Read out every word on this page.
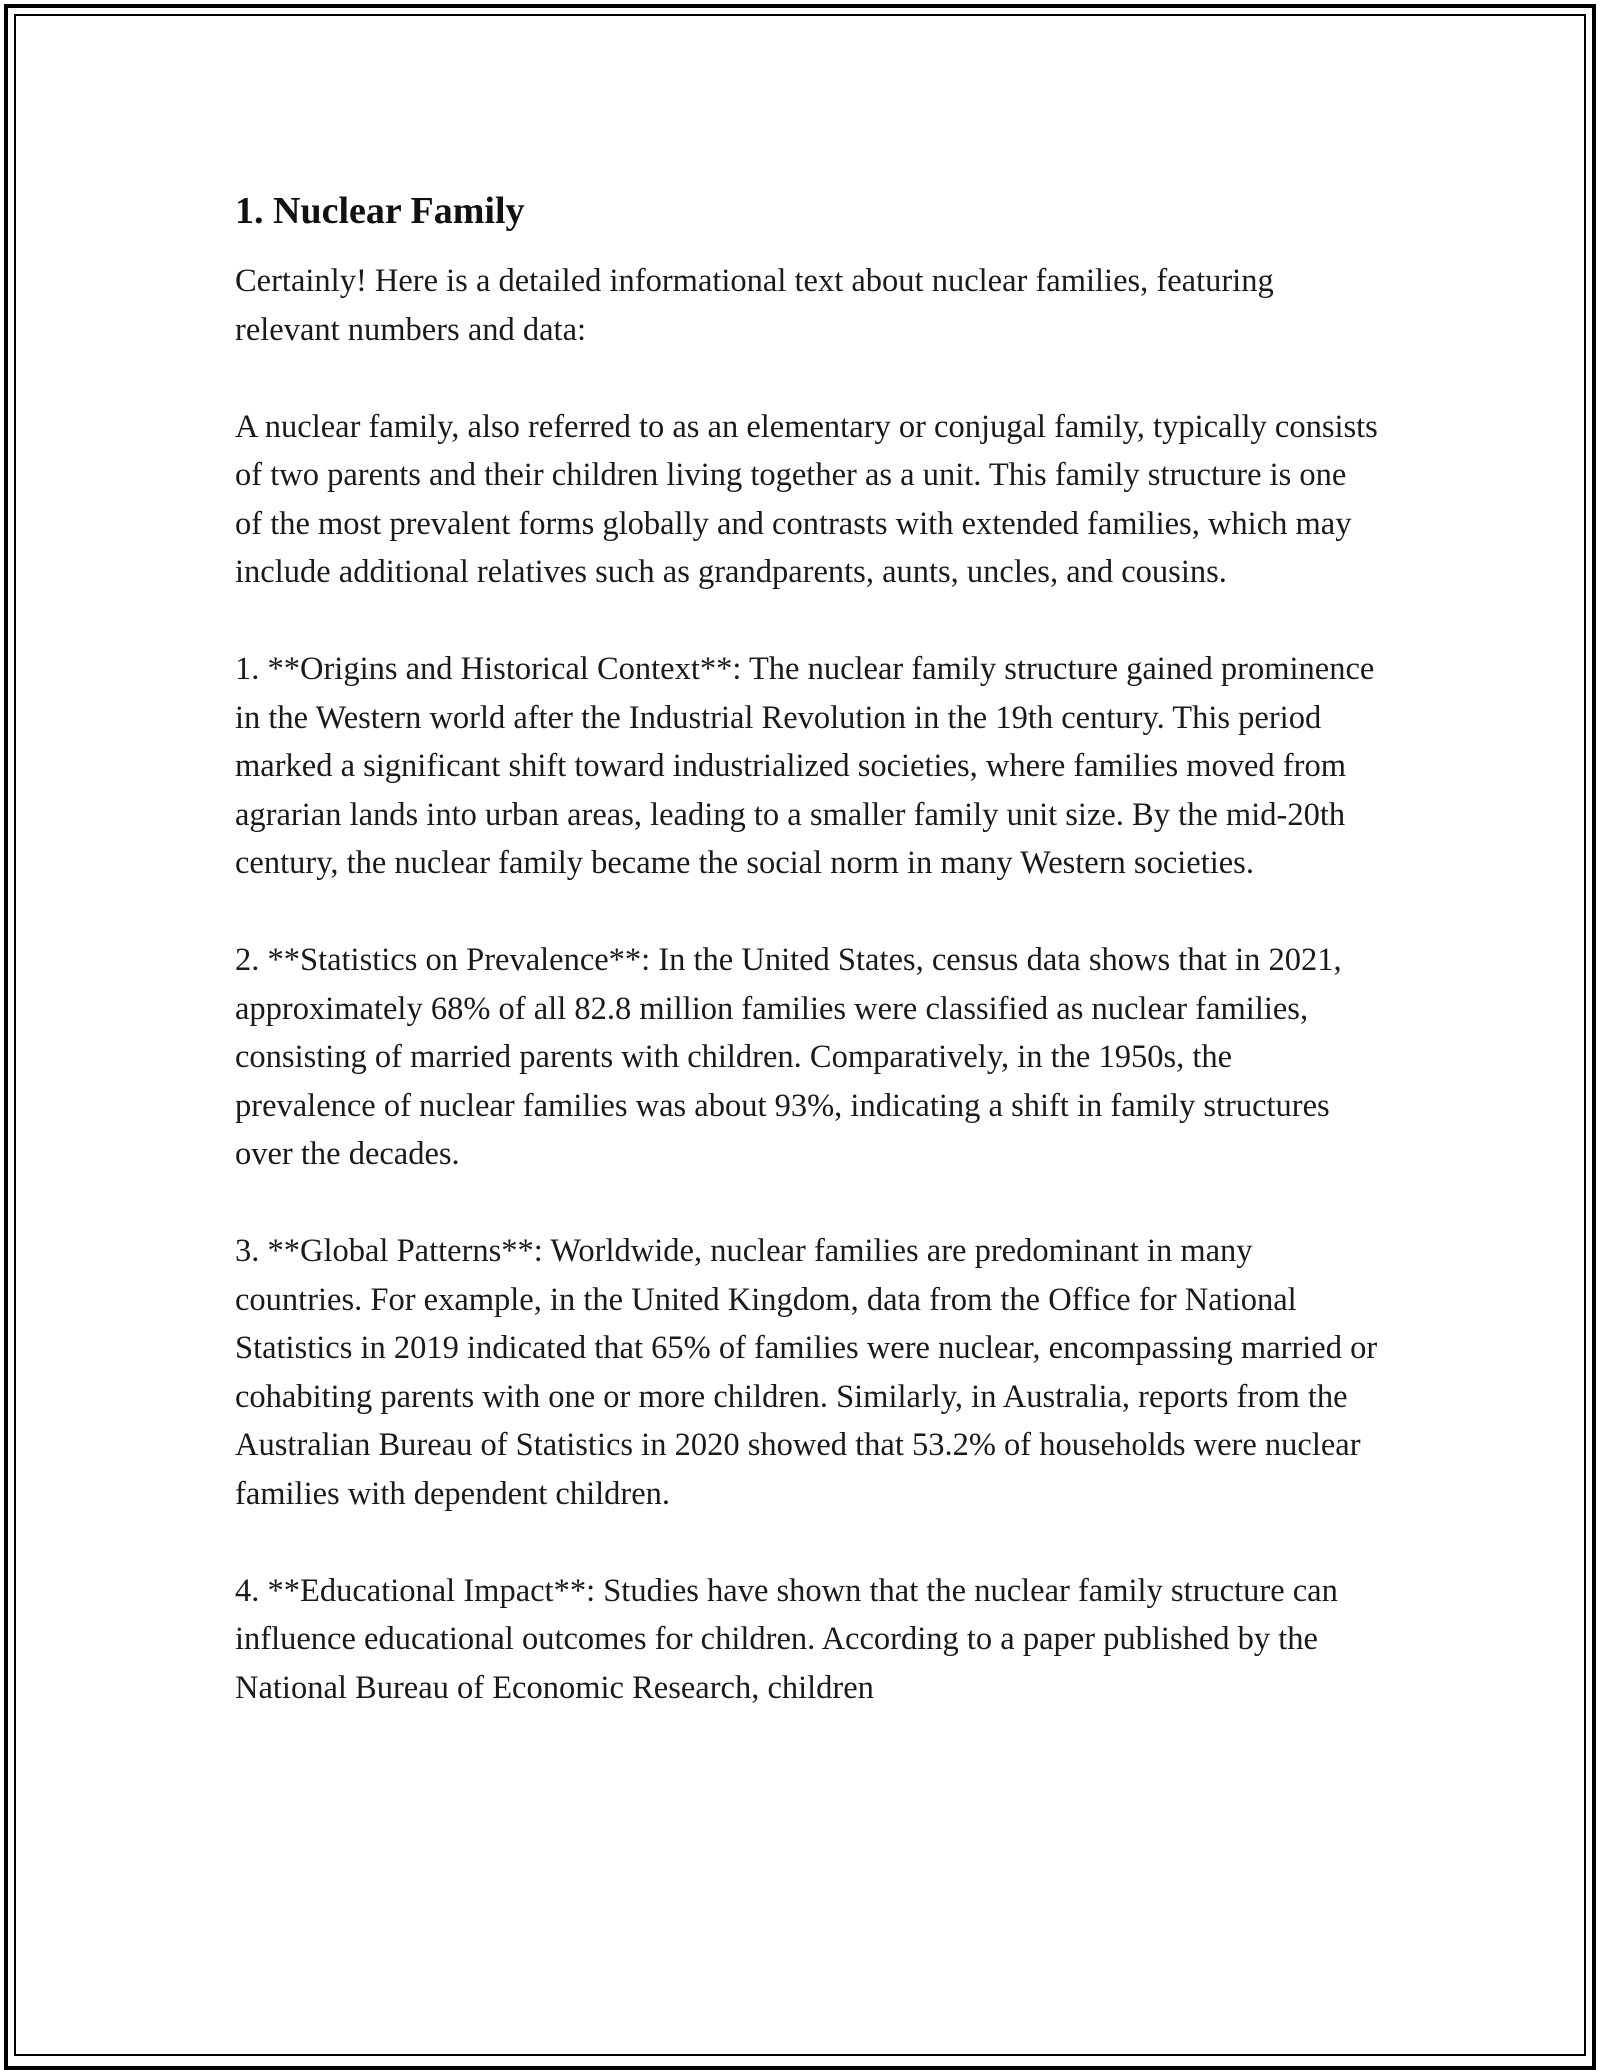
1. Nuclear Family

Certainly! Here is a detailed informational text about nuclear families, featuring relevant numbers and data:

A nuclear family, also referred to as an elementary or conjugal family, typically consists of two parents and their children living together as a unit. This family structure is one of the most prevalent forms globally and contrasts with extended families, which may include additional relatives such as grandparents, aunts, uncles, and cousins.

1. **Origins and Historical Context**: The nuclear family structure gained prominence in the Western world after the Industrial Revolution in the 19th century. This period marked a significant shift toward industrialized societies, where families moved from agrarian lands into urban areas, leading to a smaller family unit size. By the mid-20th century, the nuclear family became the social norm in many Western societies.

2. **Statistics on Prevalence**: In the United States, census data shows that in 2021, approximately 68% of all 82.8 million families were classified as nuclear families, consisting of married parents with children. Comparatively, in the 1950s, the prevalence of nuclear families was about 93%, indicating a shift in family structures over the decades.

3. **Global Patterns**: Worldwide, nuclear families are predominant in many countries. For example, in the United Kingdom, data from the Office for National Statistics in 2019 indicated that 65% of families were nuclear, encompassing married or cohabiting parents with one or more children. Similarly, in Australia, reports from the Australian Bureau of Statistics in 2020 showed that 53.2% of households were nuclear families with dependent children.

4. **Educational Impact**: Studies have shown that the nuclear family structure can influence educational outcomes for children. According to a paper published by the National Bureau of Economic Research, children
